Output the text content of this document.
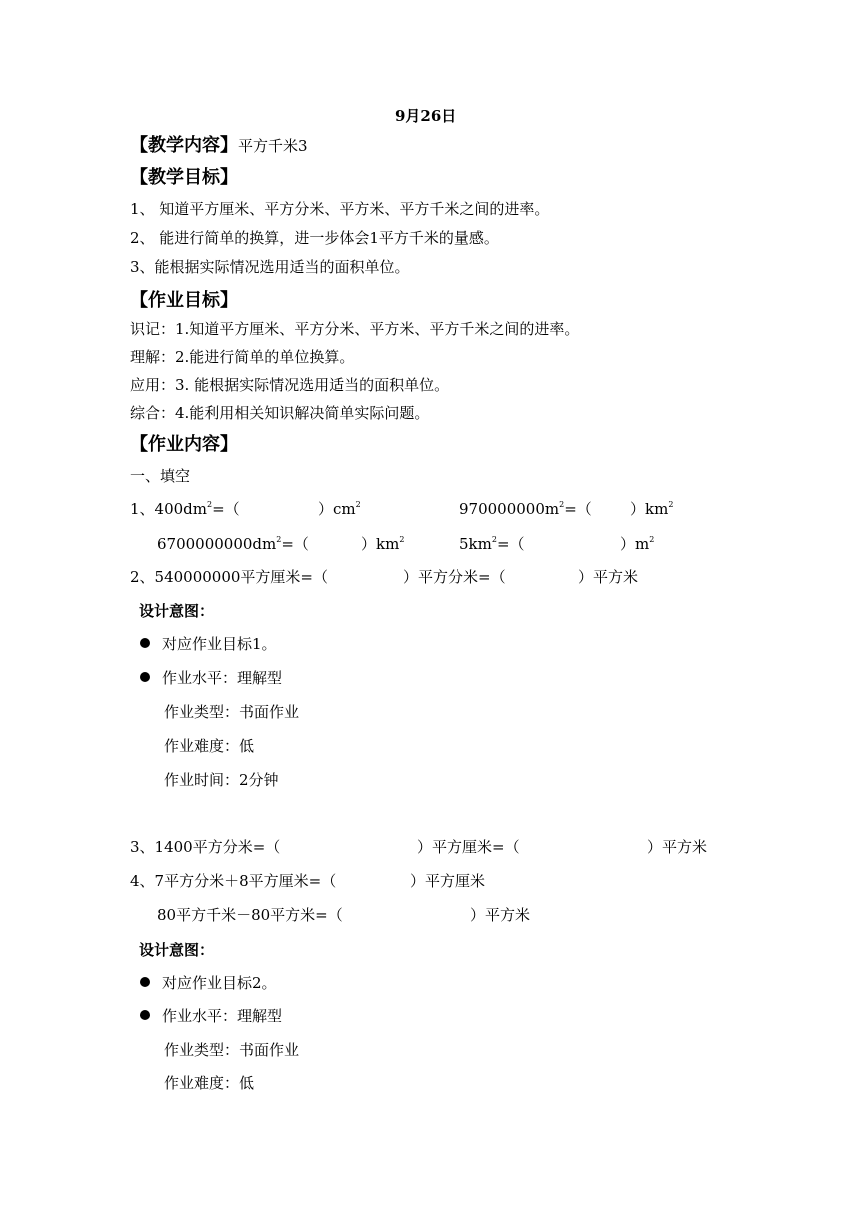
9月26日
【教学内容】平方千米3
【教学目标】
1、 知道平方厘米、平方分米、平方米、平方千米之间的进率。
2、 能进行简单的换算，进一步体会1平方千米的量感。
3、能根据实际情况选用适当的面积单位。
【作业目标】
识记：1.知道平方厘米、平方分米、平方米、平方千米之间的进率。
理解：2.能进行简单的单位换算。
应用：3. 能根据实际情况选用适当的面积单位。
综合：4.能利用相关知识解决简单实际问题。
【作业内容】
一、填空
1、$400dm^2=$（	）$cm^2$	$970000000m^2=$（	）$km^2$
$6700000000dm^2=$（	）$km^2$	$5km^2=$（	）$m^2$
2、540000000平方厘米=（	）平方分米=（	）平方米
设计意图：
对应作业目标1。
作业水平：理解型
作业类型：书面作业
作业难度：低
作业时间：2分钟
3、1400平方分米=（	）平方厘米=（	）平方米
4、7平方分米＋8平方厘米=（	）平方厘米
80平方千米－80平方米=（	）平方米
设计意图：
对应作业目标2。
作业水平：理解型
作业类型：书面作业
作业难度：低
